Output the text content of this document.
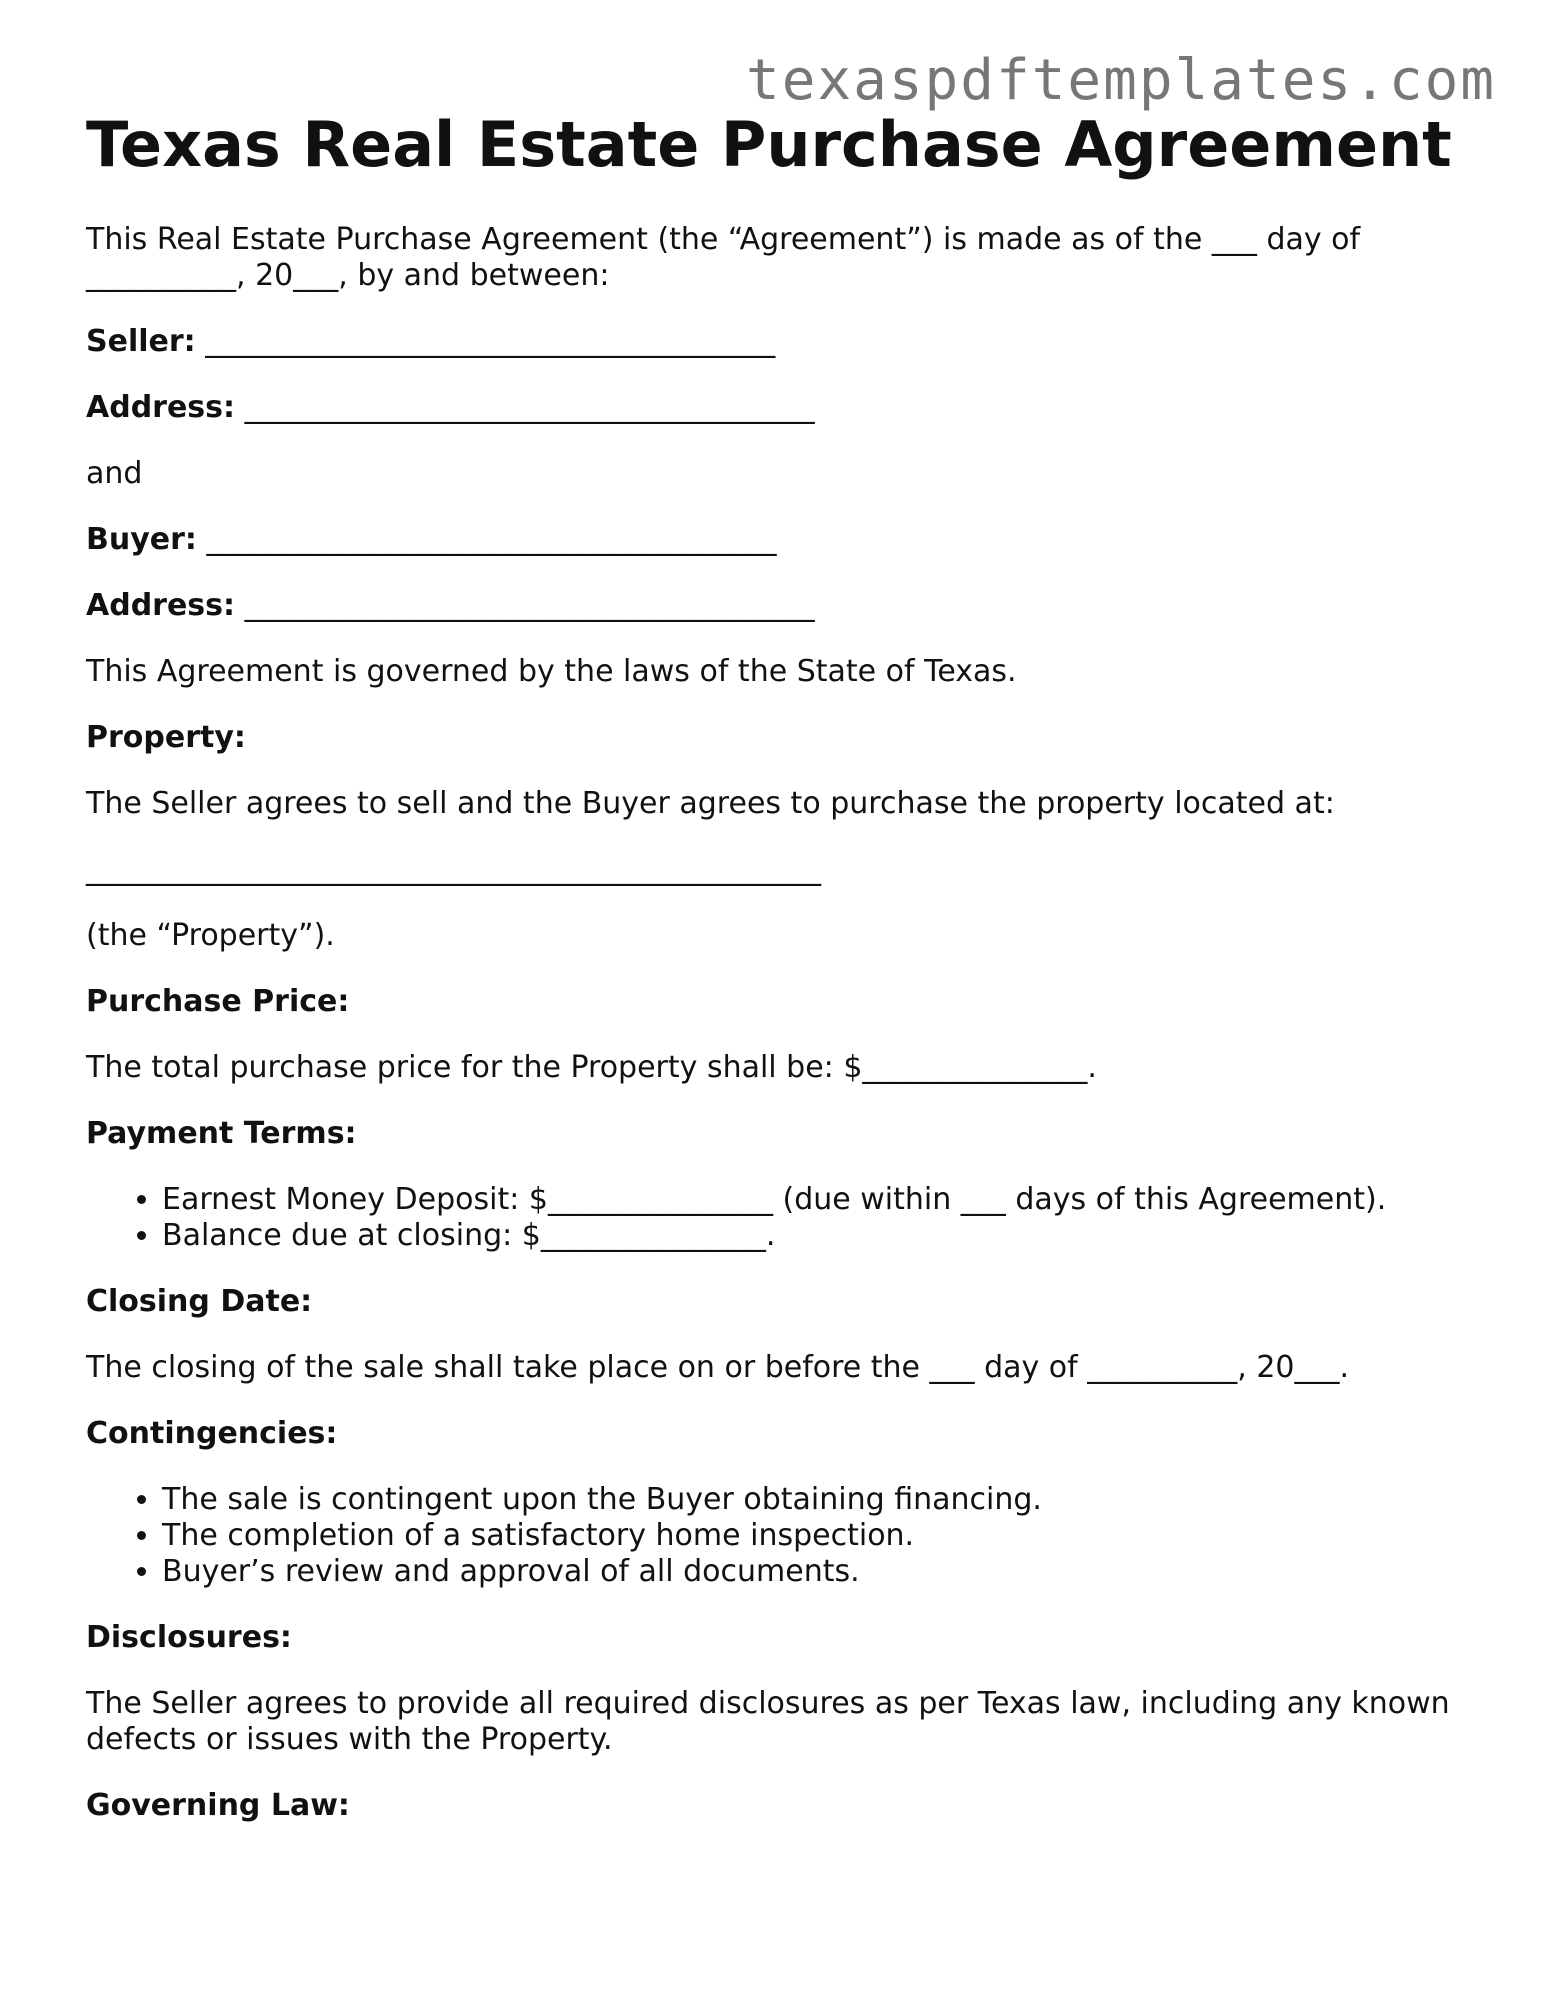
texaspdftemplates.com
Texas Real Estate Purchase Agreement

This Real Estate Purchase Agreement (the “Agreement”) is made as of the ___ day of __________, 20___, by and between:

Seller: ______________________________________
Address: ______________________________________

and

Buyer: ______________________________________
Address: ______________________________________

This Agreement is governed by the laws of the State of Texas.

Property:

The Seller agrees to sell and the Buyer agrees to purchase the property located at:

_________________________________________________

(the “Property”).

Purchase Price:

The total purchase price for the Property shall be: $_______________.

Payment Terms:
• Earnest Money Deposit: $_______________ (due within ___ days of this Agreement).
• Balance due at closing: $_______________.
Closing Date:

The closing of the sale shall take place on or before the ___ day of __________, 20___.

Contingencies:
• The sale is contingent upon the Buyer obtaining financing.
• The completion of a satisfactory home inspection.
• Buyer’s review and approval of all documents.
Disclosures:

The Seller agrees to provide all required disclosures as per Texas law, including any known defects or issues with the Property.

Governing Law:
